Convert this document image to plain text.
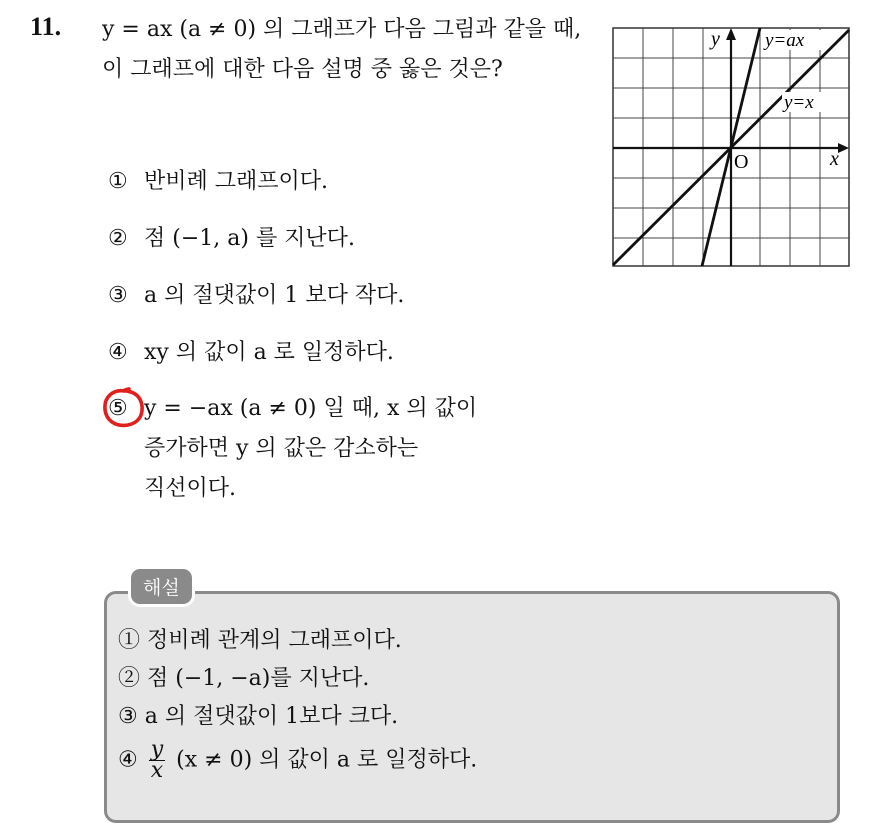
11. y = ax (a ≠ 0) 의 그래프가 다음 그림과 같을 때, 이 그래프에 대한 다음 설명 중 옳은 것은?
y y=ax
y=x
O	x
① 반비례 그래프이다.
② 점 (−1, a) 를 지난다.
③ a 의 절댓값이 1 보다 작다.
④ xy 의 값이 a 로 일정하다.
⑤ y = −ax (a ≠ 0) 일 때, x 의 값이
증가하면 y 의 값은 감소하는
직선이다.
해설
① 정비례 관계의 그래프이다.
② 점 (−1, −a)를 지난다.
③ a 의 절댓값이 1보다 크다.
④ $\frac{y}{x} (x \ne 0)$ 의 값이 a 로 일정하다.
